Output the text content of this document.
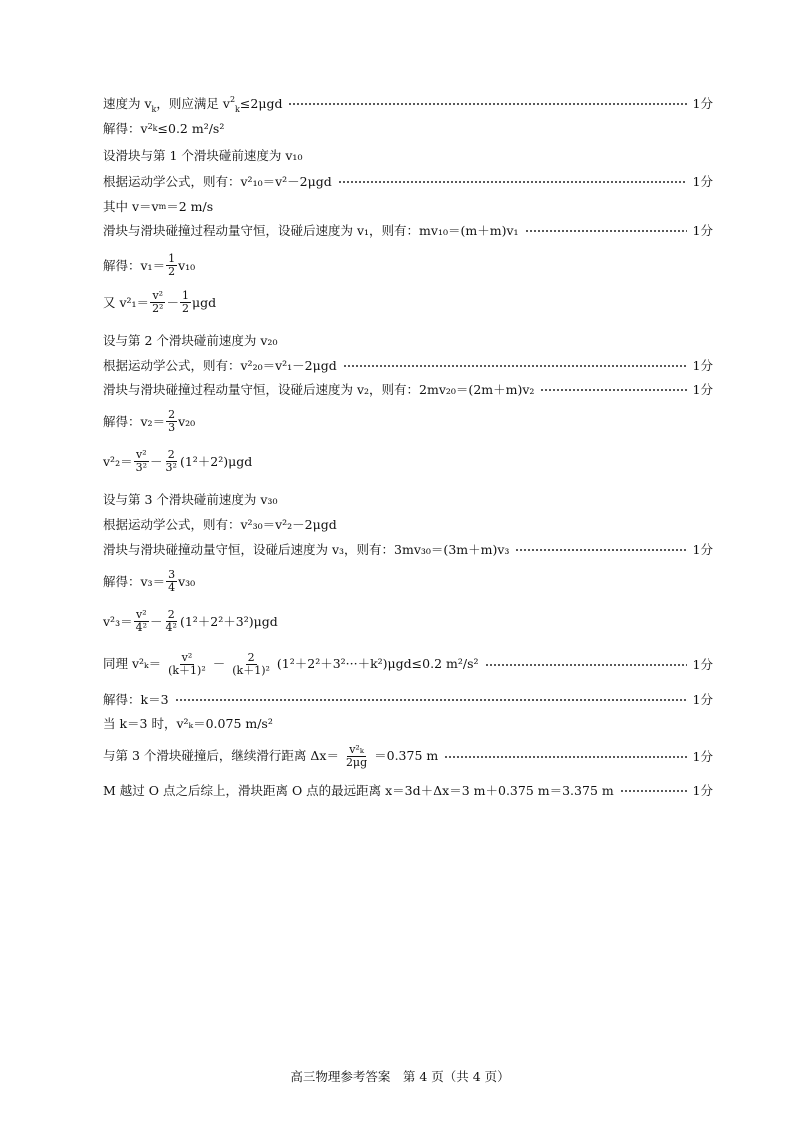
速度为 $v_k$，则应满足 $v^2_k\le 2\mu gd$	1分
解得：$v^2$ k ≤0.2 m²/s²
设滑块与第 1 个滑块碰前速度为 v₁₀
根据运动学公式，则有：v²₁₀＝v²－2μgd	1分
其中 v＝v m ＝2 m/s
滑块与滑块碰撞过程动量守恒，设碰后速度为 v₁，则有：mv₁₀＝(m＋m)v₁	1分
解得：$v_1= \frac{1}{2} v_{10}$
又 $v^2_1= \frac{\text{v²}}{\text{2²}} - \frac{1}{2}$ μgd
设与第 2 个滑块碰前速度为 v₂₀
根据运动学公式，则有：v²₂₀＝v²₁－2μgd	1分
滑块与滑块碰撞过程动量守恒，设碰后速度为 v₂，则有：2mv₂₀＝(2m＋m)v₂	1分
解得：$v_2= \frac{2}{3} v_{20}$
$v^2_2= \frac{\text{v²}}{\text{3²}} - \frac{2}{\text{3²}} (1^2+2^2)\mu gd$
设与第 3 个滑块碰前速度为 v₃₀
根据运动学公式，则有：v²₃₀＝v²₂－2μgd
滑块与滑块碰撞动量守恒，设碰后速度为 v₃，则有：3mv₃₀＝(3m＋m)v₃	1分
解得：$v_3= \frac{3}{4} v_{30}$
$v^2_3= \frac{\text{v²}}{\text{4²}} - \frac{2}{\text{4²}} (1^2+2^2+3^2)\mu gd$
同理 $v^2_k= \frac{\text{v²}}{\text{(k＋1)²}} - \frac{2}{\text{(k＋1)²}} (1^2+2^2+3^2\cdot\cdot\cdot+k^2)\mu gd\le 0.2$ m²/s²	1分
解得：k＝3	1分
当 k＝3 时，v²ₖ＝0.075 m/s²
与第 3 个滑块碰撞后，继续滑行距离 $\Delta x= \frac{\text{v²ₖ}}{2\mu g} =0.375$ m	1分
M 越过 O 点之后综上，滑块距离 O 点的最远距离 x＝3d＋Δx＝3 m＋0.375 m＝3.375 m	1分
高三物理参考答案　第 4 页（共 4 页）
